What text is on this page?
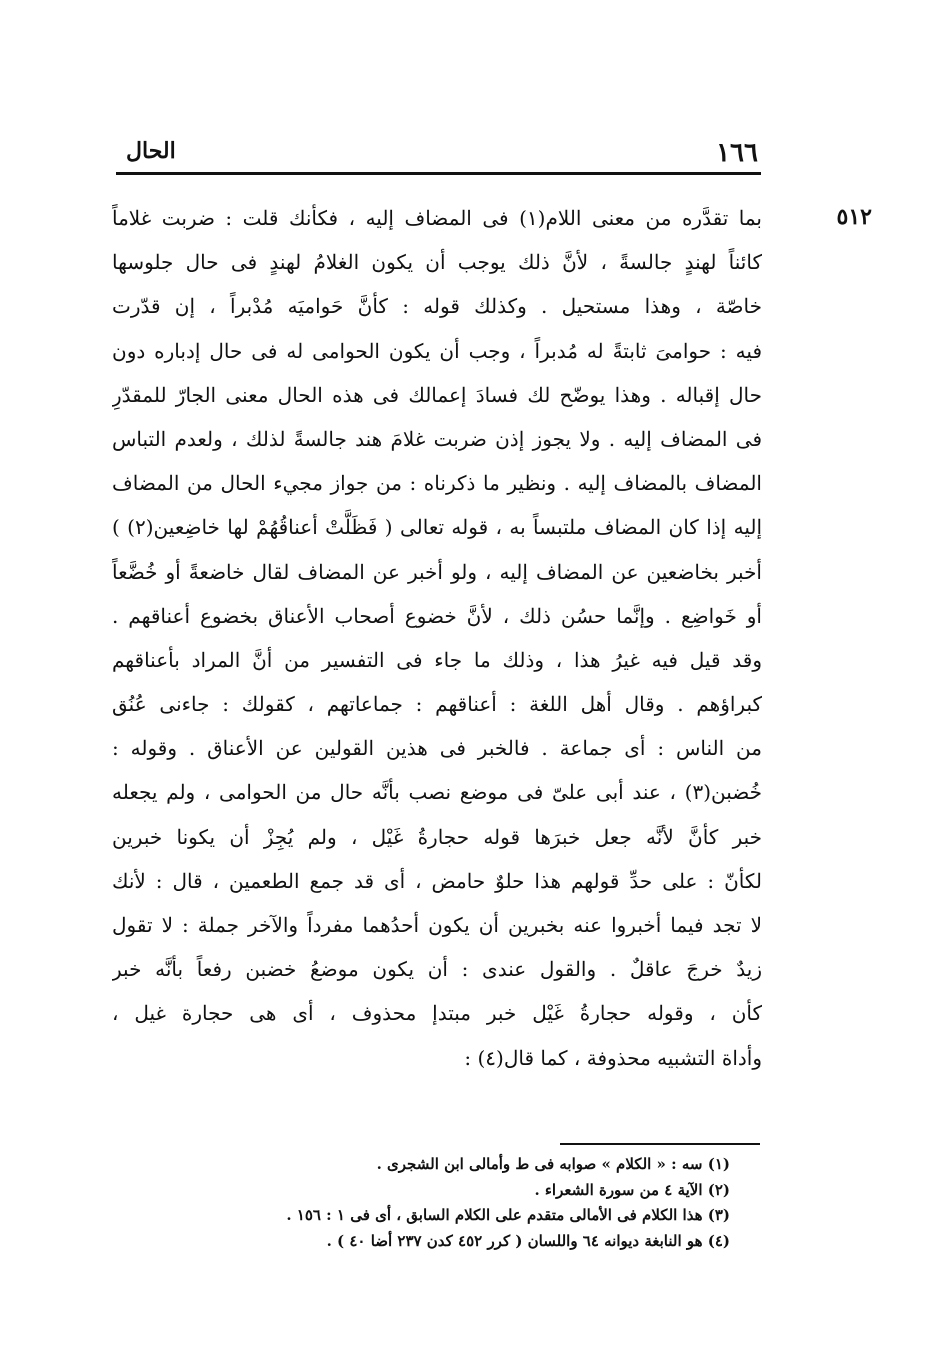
١٦٦
الحال
٥١٢
بما تقدَّره من معنى اللام(١) فى المضاف إليه ، فكأنك قلت : ضربت غلاماً
كائناً لهندٍ جالسةً ، لأنَّ ذلك يوجب أن يكون الغلامُ لهندٍ فى حال جلوسها
خاصّة ، وهذا مستحيل . وكذلك قوله : كأنَّ حَواميَه مُدْبراً ، إن قدّرت
فيه : حوامىَ ثابتةً له مُدبراً ، وجب أن يكون الحوامى له فى حال إدباره دون
حال إقباله . وهذا يوضّح لك فسادَ إعمالك فى هذه الحال معنى الجارّ للمقدّرِ
فى المضاف إليه . ولا يجوز إذن ضربت غلامَ هند جالسةً لذلك ، ولعدم التباس
المضاف بالمضاف إليه . ونظير ما ذكرناه : من جواز مجيء الحال من المضاف
إليه إذا كان المضاف ملتبساً به ، قوله تعالى ( فَظَلَّتْ أعناقُهُمْ لها خاضِعين(٢) )
أخبر بخاضعين عن المضاف إليه ، ولو أخبر عن المضاف لقال خاضعةً أو خُضَّعاً
أو خَواضِع . وإنَّما حسُن ذلك ، لأنَّ خضوع أصحاب الأعناق بخضوع أعناقهم .
وقد قيل فيه غيرُ هذا ، وذلك ما جاء فى التفسير من أنَّ المراد بأعناقهم
كبراؤهم . وقال أهل اللغة : أعناقهم : جماعاتهم ، كقولك : جاءنى عُنُق
من الناس : أى جماعة . فالخبر فى هذين القولين عن الأعناق . وقوله :
خُضبن(٣) ، عند أبى علىّ فى موضع نصب بأنَّه حال من الحوامى ، ولم يجعله
خبر كأنَّ لأنَّه جعل خبرَها قوله حجارةُ غَيْل ، ولم يُجِزْ أن يكونا خبرين
لكأنّ : على حدِّ قولهم هذا حلوٌ حامض ، أى قد جمع الطعمين ، قال : لأنك
لا تجد فيما أخبروا عنه بخبرين أن يكون أحدُهما مفرداً والآخر جملة : لا تقول
زيدٌ خرجَ عاقلٌ . والقول عندى : أن يكون موضعُ خضبن رفعاً بأنَّه خبر
كأن ، وقوله حجارةُ غَيْل خبر مبتدإ محذوف ، أى هى حجارة غيل ،
وأداة التشبيه محذوفة ، كما قال(٤) :
(١) سه : « الكلام » صوابه فى ط وأمالى ابن الشجرى .
(٢) الآية ٤ من سورة الشعراء .
(٣) هذا الكلام فى الأمالى متقدم على الكلام السابق ، أى فى ١ : ١٥٦ .
(٤) هو النابغة ديوانه ٦٤ واللسان ( كرر ٤٥٢ كدن ٢٣٧ أضا ٤٠ ) .
